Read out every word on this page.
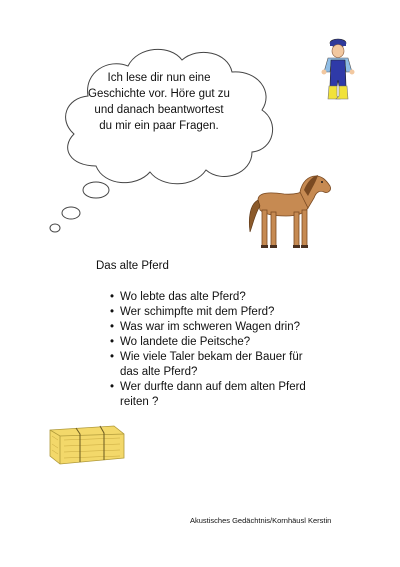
Ich lese dir nun eine Geschichte vor. Höre gut zu und danach beantwortest du mir ein paar Fragen.
Das alte Pferd
• Wo lebte das alte Pferd?
• Wer schimpfte mit dem Pferd?
• Was war im schweren Wagen drin?
• Wo landete die Peitsche?
• Wie viele Taler bekam der Bauer für das alte Pferd?
• Wer durfte dann auf dem alten Pferd reiten ?
Akustisches Gedächtnis/Kornhäusl Kerstin
